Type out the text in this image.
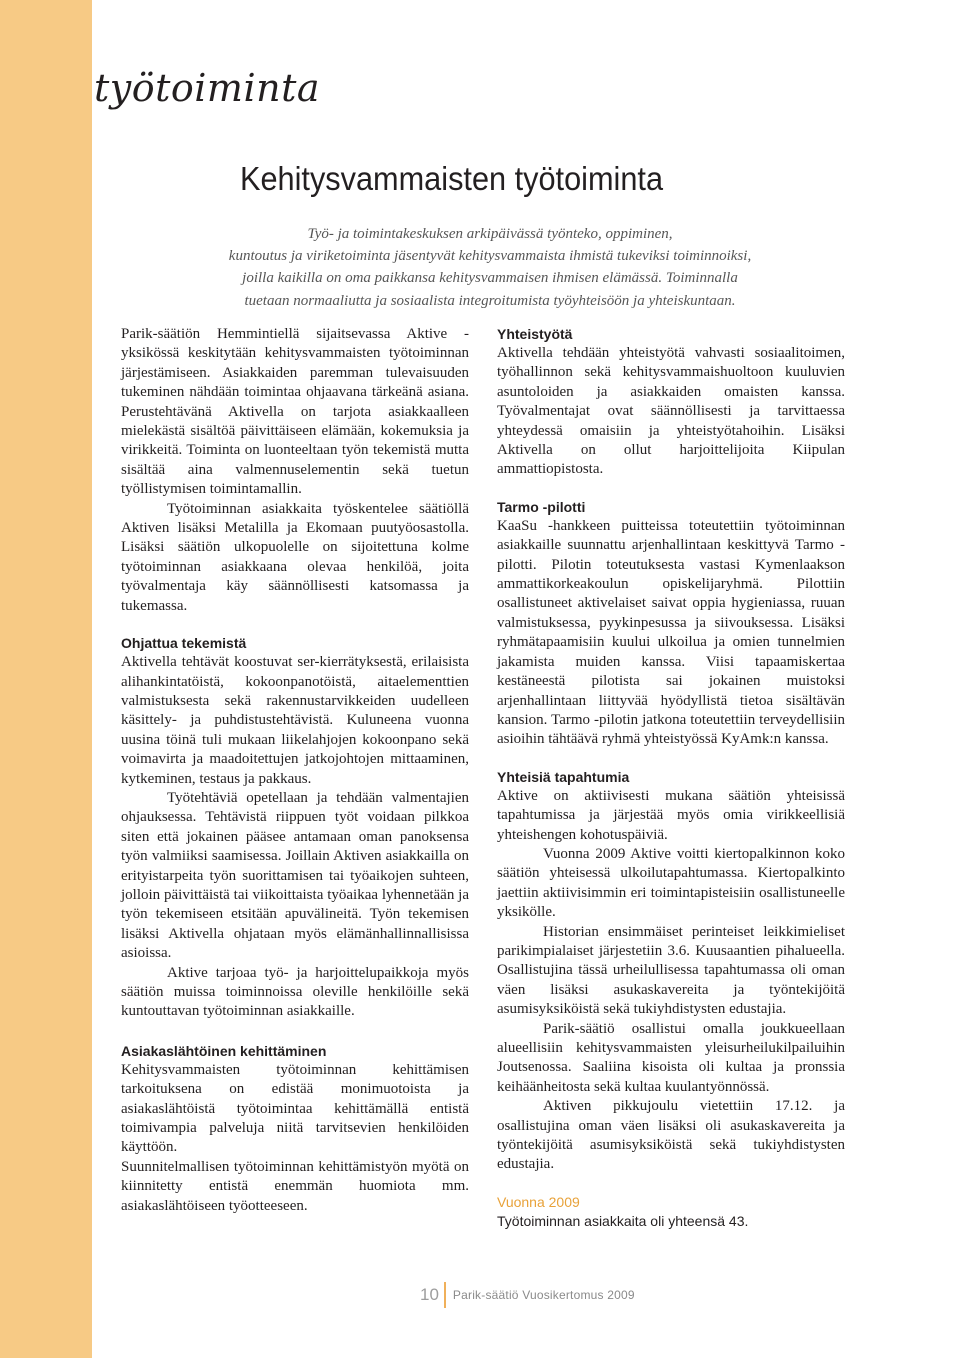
työtoiminta
Kehitysvammaisten työtoiminta
Työ- ja toimintakeskuksen arkipäivässä työnteko, oppiminen,
kuntoutus ja viriketoiminta jäsentyvät kehitysvammaista ihmistä tukeviksi toiminnoiksi,
joilla kaikilla on oma paikkansa kehitysvammaisen ihmisen elämässä. Toiminnalla
tuetaan normaaliutta ja sosiaalista integroitumista työyhteisöön ja yhteiskuntaan.

Parik-säätiön Hemmintiellä sijaitsevassa Aktive -yksikössä keskitytään kehitysvammaisten työtoiminnan järjestämiseen. Asiakkaiden paremman tulevaisuuden tukeminen nähdään toimintaa ohjaavana tärkeänä asiana. Perustehtävänä Aktivella on tarjota asiakkaalleen mielekästä sisältöä päivittäiseen elämään, kokemuksia ja virikkeitä. Toiminta on luonteeltaan työn tekemistä mutta sisältää aina valmennuselementin sekä tuetun työllistymisen toimintamallin.

Työtoiminnan asiakkaita työskentelee säätiöllä Aktiven lisäksi Metalilla ja Ekomaan puutyöosastolla. Lisäksi säätiön ulkopuolelle on sijoitettuna kolme työtoiminnan asiakkaana olevaa henkilöä, joita työvalmentaja käy säännöllisesti katsomassa ja tukemassa.

Ohjattua tekemistä

Aktivella tehtävät koostuvat ser-kierrätyksestä, erilaisista alihankintatöistä, kokoonpanotöistä, aitaelementtien valmistuksesta sekä rakennustarvikkeiden uudelleen käsittely- ja puhdistustehtävistä. Kuluneena vuonna uusina töinä tuli mukaan liikelahjojen kokoonpano sekä voimavirta ja maadoitettujen jatkojohtojen mittaaminen, kytkeminen, testaus ja pakkaus.

Työtehtäviä opetellaan ja tehdään valmentajien ohjauksessa. Tehtävistä riippuen työt voidaan pilkkoa siten että jokainen pääsee antamaan oman panoksensa työn valmiiksi saamisessa. Joillain Aktiven asiakkailla on erityistarpeita työn suorittamisen tai työaikojen suhteen, jolloin päivittäistä tai viikoittaista työaikaa lyhennetään ja työn tekemiseen etsitään apuvälineitä. Työn tekemisen lisäksi Aktivella ohjataan myös elämänhallinnallisissa asioissa.

Aktive tarjoaa työ- ja harjoittelupaikkoja myös säätiön muissa toiminnoissa oleville henkilöille sekä kuntouttavan työtoiminnan asiakkaille.

Asiakaslähtöinen kehittäminen

Kehitysvammaisten työtoiminnan kehittämisen tarkoituksena on edistää monimuotoista ja asiakaslähtöistä työtoimintaa kehittämällä entistä toimivampia palveluja niitä tarvitsevien henkilöiden käyttöön.

Suunnitelmallisen työtoiminnan kehittämistyön myötä on kiinnitetty entistä enemmän huomiota mm. asiakaslähtöiseen työotteeseen.

Yhteistyötä

Aktivella tehdään yhteistyötä vahvasti sosiaalitoimen, työhallinnon sekä kehitysvammaishuoltoon kuuluvien asuntoloiden ja asiakkaiden omaisten kanssa. Työvalmentajat ovat säännöllisesti ja tarvittaessa yhteydessä omaisiin ja yhteistyötahoihin. Lisäksi Aktivella on ollut harjoittelijoita Kiipulan ammattiopistosta.

Tarmo -pilotti

KaaSu -hankkeen puitteissa toteutettiin työtoiminnan asiakkaille suunnattu arjenhallintaan keskittyvä Tarmo -pilotti. Pilotin toteutuksesta vastasi Kymenlaakson ammattikorkeakoulun opiskelijaryhmä. Pilottiin osallistuneet aktivelaiset saivat oppia hygieniassa, ruuan valmistuksessa, pyykinpesussa ja siivouksessa. Lisäksi ryhmätapaamisiin kuului ulkoilua ja omien tunnelmien jakamista muiden kanssa. Viisi tapaamiskertaa kestäneestä pilotista sai jokainen muistoksi arjenhallintaan liittyvää hyödyllistä tietoa sisältävän kansion. Tarmo -pilotin jatkona toteutettiin terveydellisiin asioihin tähtäävä ryhmä yhteistyössä KyAmk:n kanssa.

Yhteisiä tapahtumia

Aktive on aktiivisesti mukana säätiön yhteisissä tapahtumissa ja järjestää myös omia virikkeellisiä yhteishengen kohotuspäiviä.

Vuonna 2009 Aktive voitti kiertopalkinnon koko säätiön yhteisessä ulkoilutapahtumassa. Kiertopalkinto jaettiin aktiivisimmin eri toimintapisteisiin osallistuneelle yksikölle.

Historian ensimmäiset perinteiset leikkimieliset parikimpialaiset järjestetiin 3.6. Kuusaantien pihalueella. Osallistujina tässä urheilullisessa tapahtumassa oli oman väen lisäksi asukaskavereita ja työntekijöitä asumisyksiköistä sekä tukiyhdistysten edustajia.

Parik-säätiö osallistui omalla joukkueellaan alueellisiin kehitysvammaisten yleisurheilukilpailuihin Joutsenossa. Saaliina kisoista oli kultaa ja pronssia keihäänheitosta sekä kultaa kuulantyönnössä.

Aktiven pikkujoulu vietettiin 17.12. ja osallistujina oman väen lisäksi oli asukaskavereita ja työntekijöitä asumisyksiköistä sekä tukiyhdistysten edustajia.

Vuonna 2009
Työtoiminnan asiakkaita oli yhteensä 43.
10	Parik-säätiö Vuosikertomus 2009
